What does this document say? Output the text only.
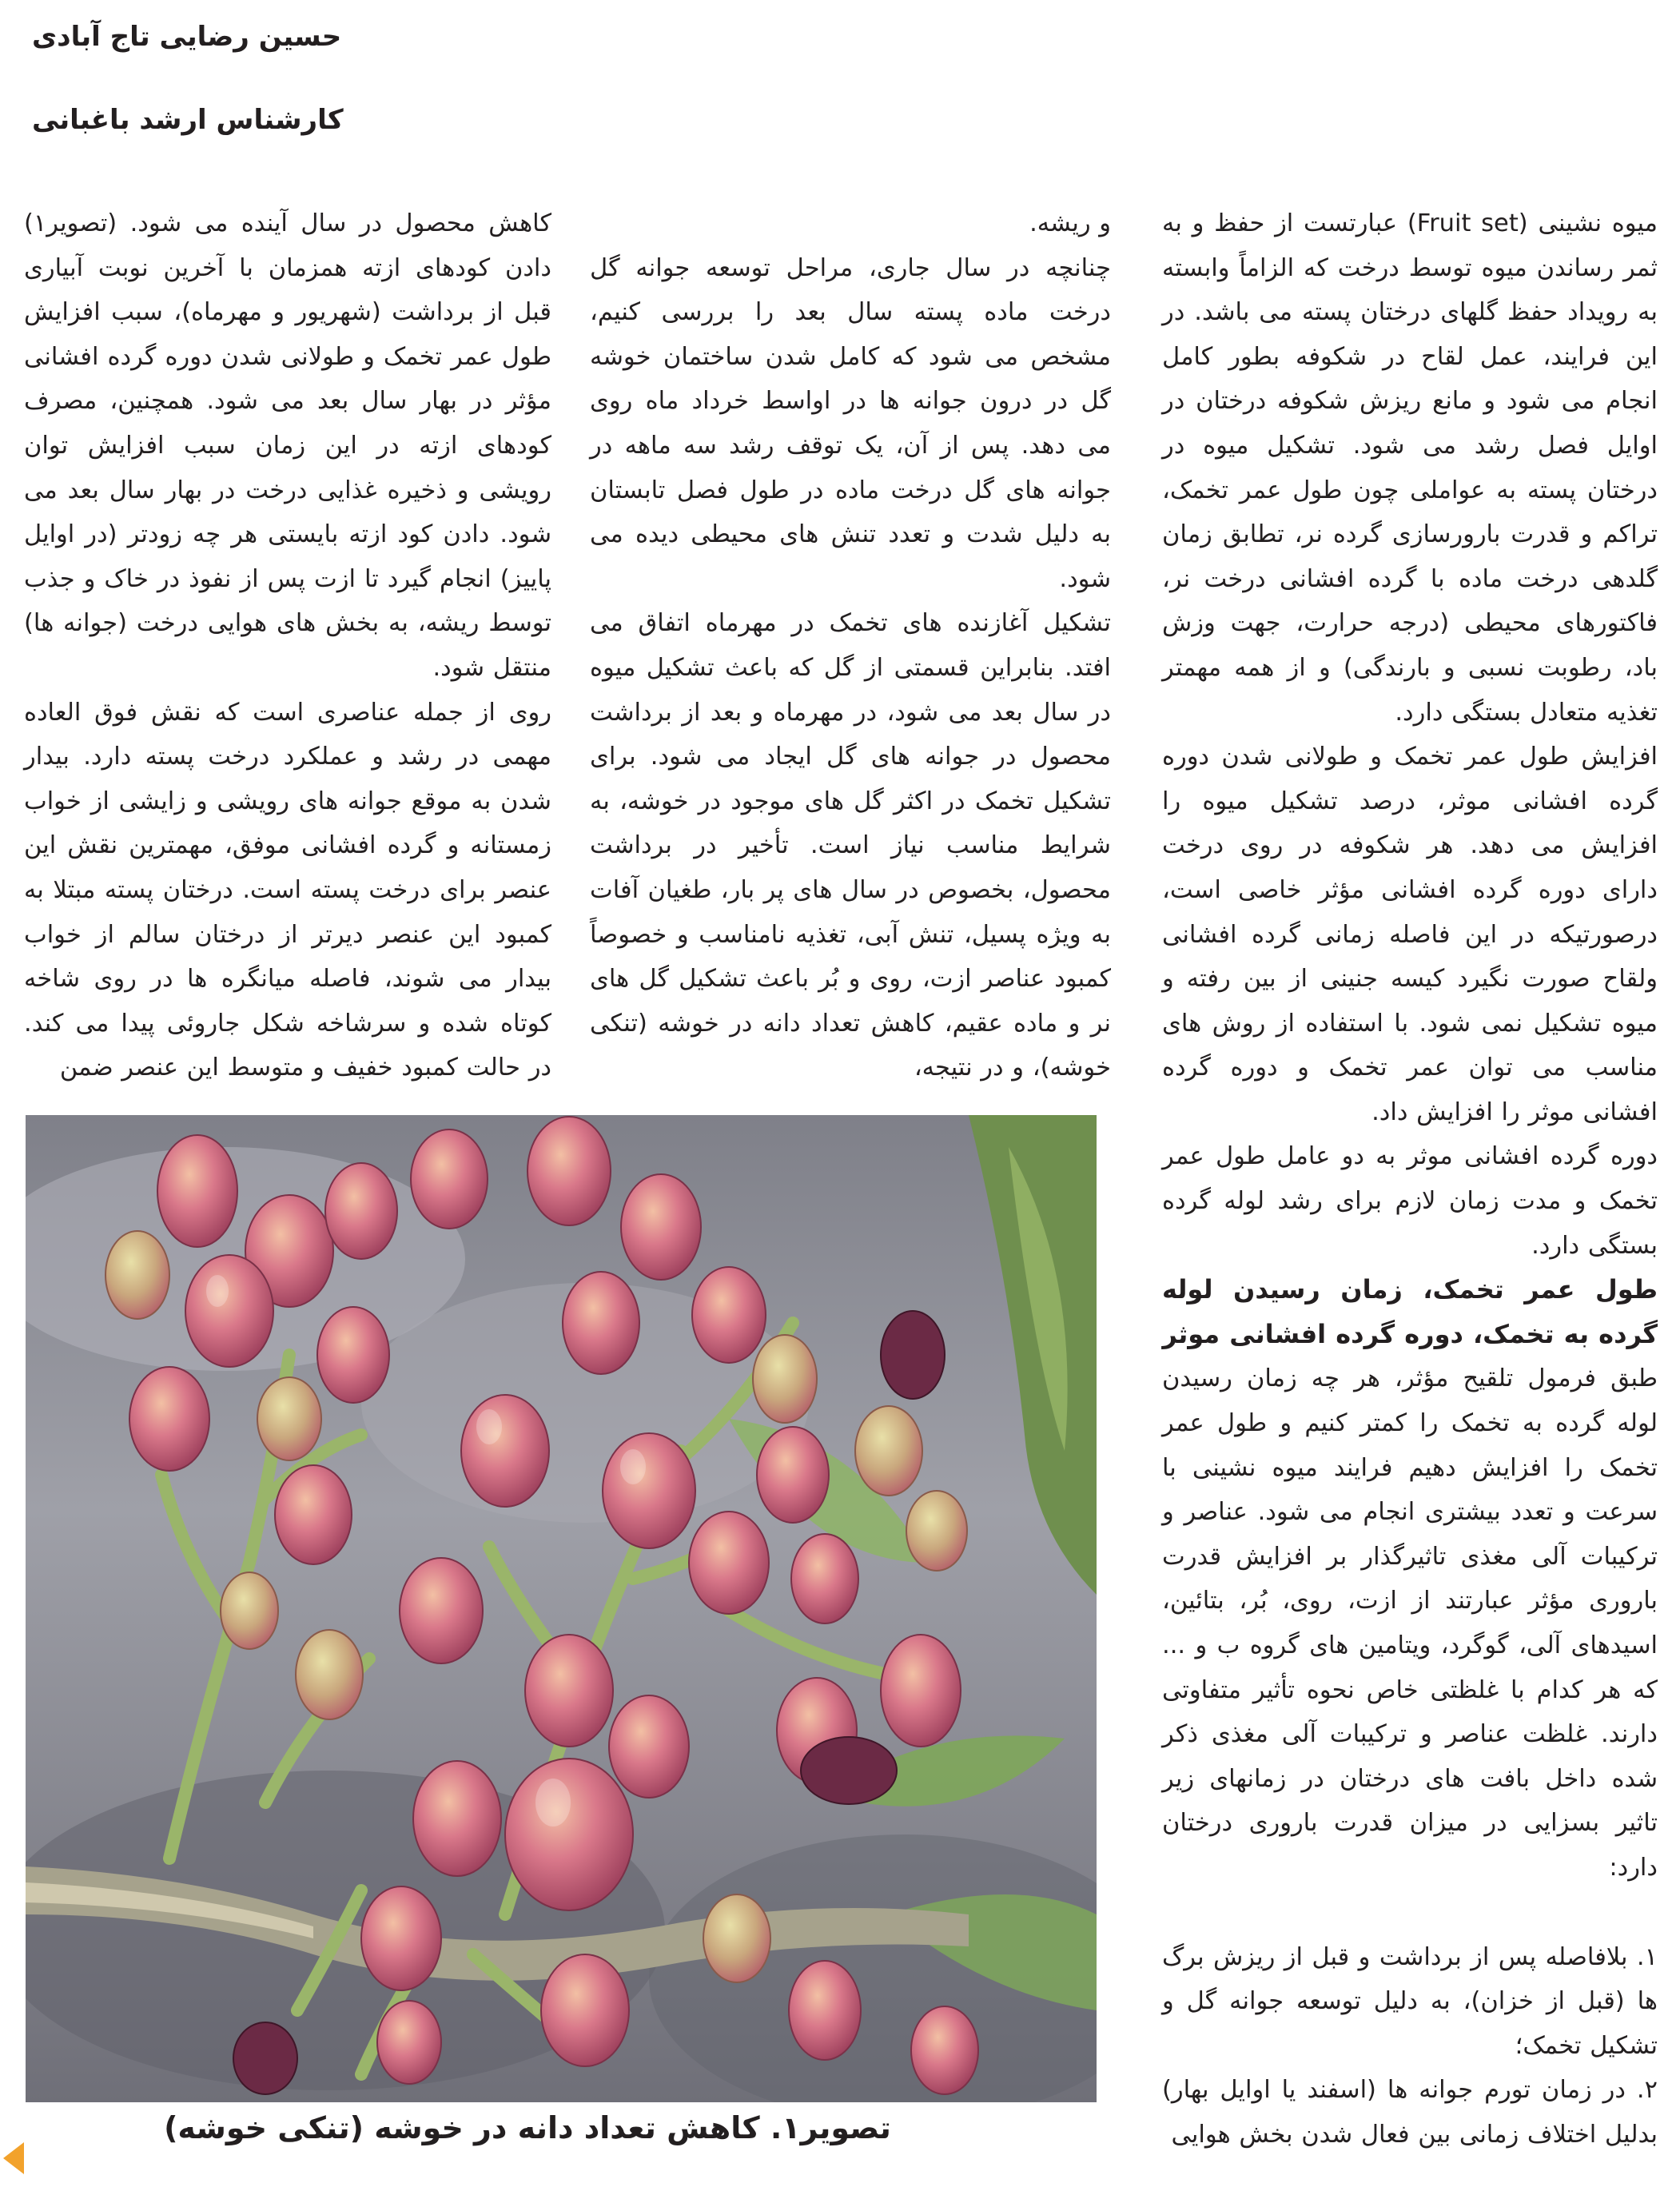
حسین رضایی تاج آبادی
کارشناس ارشد باغبانی

میوه نشینی (Fruit set) عبارتست از حفظ و به ثمر رساندن میوه توسط درخت که الزاماً وابسته به رویداد حفظ گلهای درختان پسته می باشد. در این فرایند، عمل لقاح در شکوفه بطور کامل انجام می شود و مانع ریزش شکوفه درختان در اوایل فصل رشد می شود. تشکیل میوه در درختان پسته به عواملی چون طول عمر تخمک، تراکم و قدرت بارورسازی گرده نر، تطابق زمان گلدهی درخت ماده با گرده افشانی درخت نر، فاکتورهای محیطی (درجه حرارت، جهت وزش باد، رطوبت نسبی و بارندگی) و از همه مهمتر تغذیه متعادل بستگی دارد.

افزایش طول عمر تخمک و طولانی شدن دوره گرده افشانی موثر، درصد تشکیل میوه را افزایش می دهد. هر شکوفه در روی درخت دارای دوره گرده افشانی مؤثر خاصی است، درصورتیکه در این فاصله زمانی گرده افشانی ولقاح صورت نگیرد کیسه جنینی از بین رفته و میوه تشکیل نمی شود. با استفاده از روش های مناسب می توان عمر تخمک و دوره گرده افشانی موثر را افزایش داد.

دوره گرده افشانی موثر به دو عامل طول عمر تخمک و مدت زمان لازم برای رشد لوله گرده بستگی دارد.

طول عمر تخمک، زمان رسیدن لوله گرده به تخمک، دوره گرده افشانی موثر

طبق فرمول تلقیح مؤثر، هر چه زمان رسیدن لوله گرده به تخمک را کمتر کنیم و طول عمر تخمک را افزایش دهیم فرایند میوه نشینی با سرعت و تعدد بیشتری انجام می شود. عناصر و ترکیبات آلی مغذی تاثیرگذار بر افزایش قدرت باروری مؤثر عبارتند از ازت، روی، بُر، بتائین، اسیدهای آلی، گوگرد، ویتامین های گروه ب و ... که هر کدام با غلظتی خاص نحوه تأثیر متفاوتی دارند. غلظت عناصر و ترکیبات آلی مغذی ذکر شده داخل بافت های درختان در زمانهای زیر تاثیر بسزایی در میزان قدرت باروری درختان دارد:

۱. بلافاصله پس از برداشت و قبل از ریزش برگ ها (قبل از خزان)، به دلیل توسعه جوانه گل و تشکیل تخمک؛

۲. در زمان تورم جوانه ها (اسفند یا اوایل بهار) بدلیل اختلاف زمانی بین فعال شدن بخش هوایی

و ریشه.

چنانچه در سال جاری، مراحل توسعه جوانه گل درخت ماده پسته سال بعد را بررسی کنیم، مشخص می شود که کامل شدن ساختمان خوشه گل در درون جوانه ها در اواسط خرداد ماه روی می دهد. پس از آن، یک توقف رشد سه ماهه در جوانه های گل درخت ماده در طول فصل تابستان به دلیل شدت و تعدد تنش های محیطی دیده می شود.

تشکیل آغازنده های تخمک در مهرماه اتفاق می افتد. بنابراین قسمتی از گل که باعث تشکیل میوه در سال بعد می شود، در مهرماه و بعد از برداشت محصول در جوانه های گل ایجاد می شود. برای تشکیل تخمک در اکثر گل های موجود در خوشه، به شرایط مناسب نیاز است. تأخیر در برداشت محصول، بخصوص در سال های پر بار، طغیان آفات به ویژه پسیل، تنش آبی، تغذیه نامناسب و خصوصاً کمبود عناصر ازت، روی و بُر باعث تشکیل گل های نر و ماده عقیم، کاهش تعداد دانه در خوشه (تنکی خوشه)، و در نتیجه،

کاهش محصول در سال آینده می شود. (تصویر۱) دادن کودهای ازته همزمان با آخرین نوبت آبیاری قبل از برداشت (شهریور و مهرماه)، سبب افزایش طول عمر تخمک و طولانی شدن دوره گرده افشانی مؤثر در بهار سال بعد می شود. همچنین، مصرف کودهای ازته در این زمان سبب افزایش توان رویشی و ذخیره غذایی درخت در بهار سال بعد می شود. دادن کود ازته بایستی هر چه زودتر (در اوایل پاییز) انجام گیرد تا ازت پس از نفوذ در خاک و جذب توسط ریشه، به بخش های هوایی درخت (جوانه ها) منتقل شود.

روی از جمله عناصری است که نقش فوق العاده مهمی در رشد و عملکرد درخت پسته دارد. بیدار شدن به موقع جوانه های رویشی و زایشی از خواب زمستانه و گرده افشانی موفق، مهمترین نقش این عنصر برای درخت پسته است. درختان پسته مبتلا به کمبود این عنصر دیرتر از درختان سالم از خواب بیدار می شوند، فاصله میانگره ها در روی شاخه کوتاه شده و سرشاخه شکل جاروئی پیدا می کند. در حالت کمبود خفیف و متوسط این عنصر ضمن

تصویر۱. کاهش تعداد دانه در خوشه (تنکی خوشه)
